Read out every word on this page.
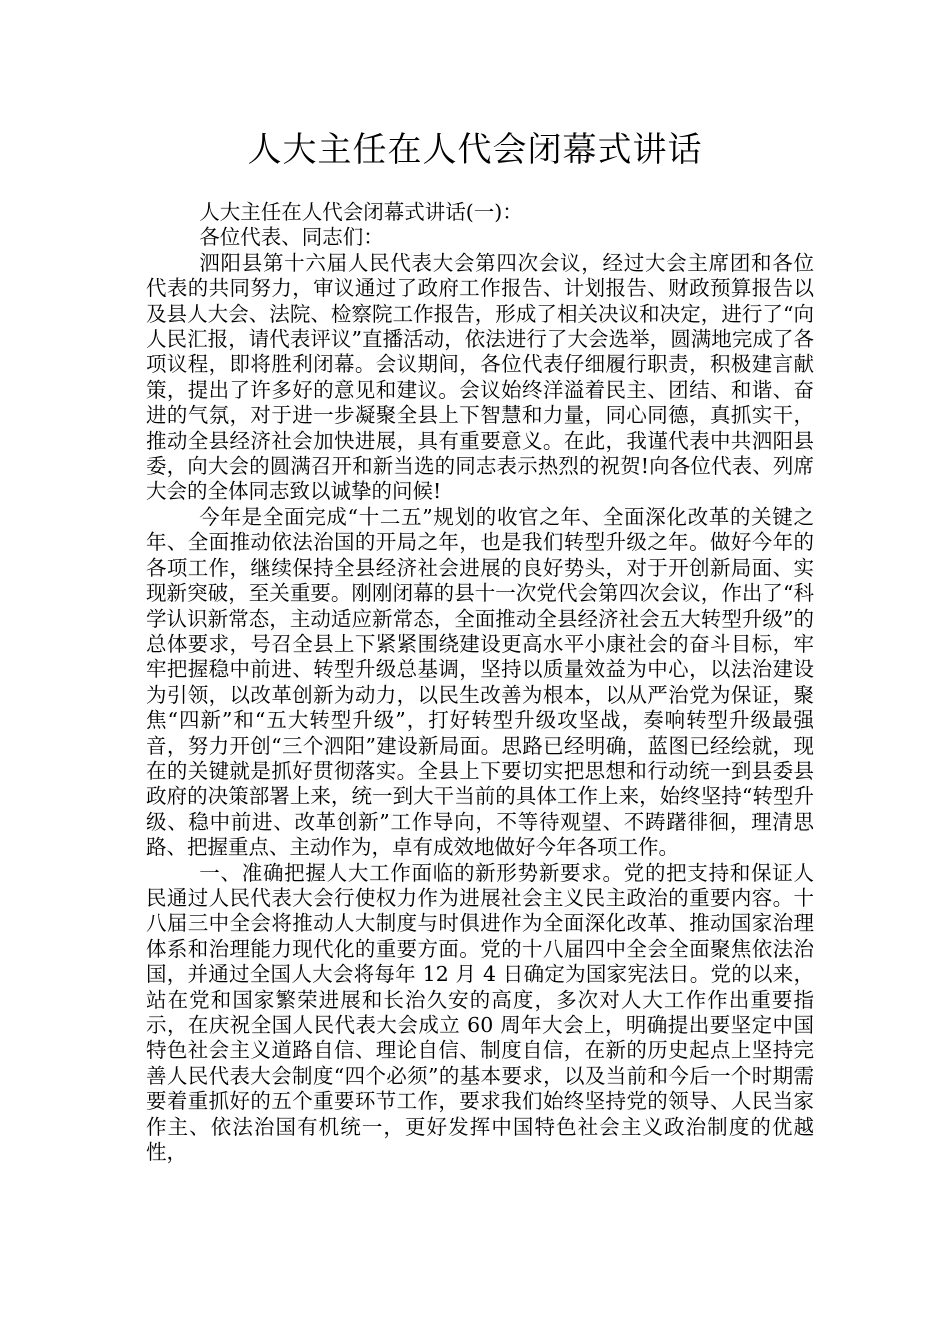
人大主任在人代会闭幕式讲话

人大主任在人代会闭幕式讲话(一)：

各位代表、同志们：

泗阳县第十六届人民代表大会第四次会议，经过大会主席团和各位代表的共同努力，审议通过了政府工作报告、计划报告、财政预算报告以及县人大会、法院、检察院工作报告，形成了相关决议和决定，进行了“向人民汇报，请代表评议”直播活动，依法进行了大会选举，圆满地完成了各项议程，即将胜利闭幕。会议期间，各位代表仔细履行职责，积极建言献策，提出了许多好的意见和建议。会议始终洋溢着民主、团结、和谐、奋进的气氛，对于进一步凝聚全县上下智慧和力量，同心同德，真抓实干，推动全县经济社会加快进展，具有重要意义。在此，我谨代表中共泗阳县委，向大会的圆满召开和新当选的同志表示热烈的祝贺!向各位代表、列席大会的全体同志致以诚挚的问候!

今年是全面完成“十二五”规划的收官之年、全面深化改革的关键之年、全面推动依法治国的开局之年，也是我们转型升级之年。做好今年的各项工作，继续保持全县经济社会进展的良好势头，对于开创新局面、实现新突破，至关重要。刚刚闭幕的县十一次党代会第四次会议，作出了“科学认识新常态，主动适应新常态，全面推动全县经济社会五大转型升级”的总体要求，号召全县上下紧紧围绕建设更高水平小康社会的奋斗目标，牢牢把握稳中前进、转型升级总基调，坚持以质量效益为中心，以法治建设为引领，以改革创新为动力，以民生改善为根本，以从严治党为保证，聚焦“四新”和“五大转型升级”，打好转型升级攻坚战，奏响转型升级最强音，努力开创“三个泗阳”建设新局面。思路已经明确，蓝图已经绘就，现在的关键就是抓好贯彻落实。全县上下要切实把思想和行动统一到县委县政府的决策部署上来，统一到大干当前的具体工作上来，始终坚持“转型升级、稳中前进、改革创新”工作导向，不等待观望、不踌躇徘徊，理清思路、把握重点、主动作为，卓有成效地做好今年各项工作。

一、准确把握人大工作面临的新形势新要求。党的把支持和保证人民通过人民代表大会行使权力作为进展社会主义民主政治的重要内容。十八届三中全会将推动人大制度与时俱进作为全面深化改革、推动国家治理体系和治理能力现代化的重要方面。党的十八届四中全会全面聚焦依法治国，并通过全国人大会将每年 12 月 4 日确定为国家宪法日。党的以来，站在党和国家繁荣进展和长治久安的高度，多次对人大工作作出重要指示，在庆祝全国人民代表大会成立 60 周年大会上，明确提出要坚定中国特色社会主义道路自信、理论自信、制度自信，在新的历史起点上坚持完善人民代表大会制度“四个必须”的基本要求，以及当前和今后一个时期需要着重抓好的五个重要环节工作，要求我们始终坚持党的领导、人民当家作主、依法治国有机统一，更好发挥中国特色社会主义政治制度的优越性，
